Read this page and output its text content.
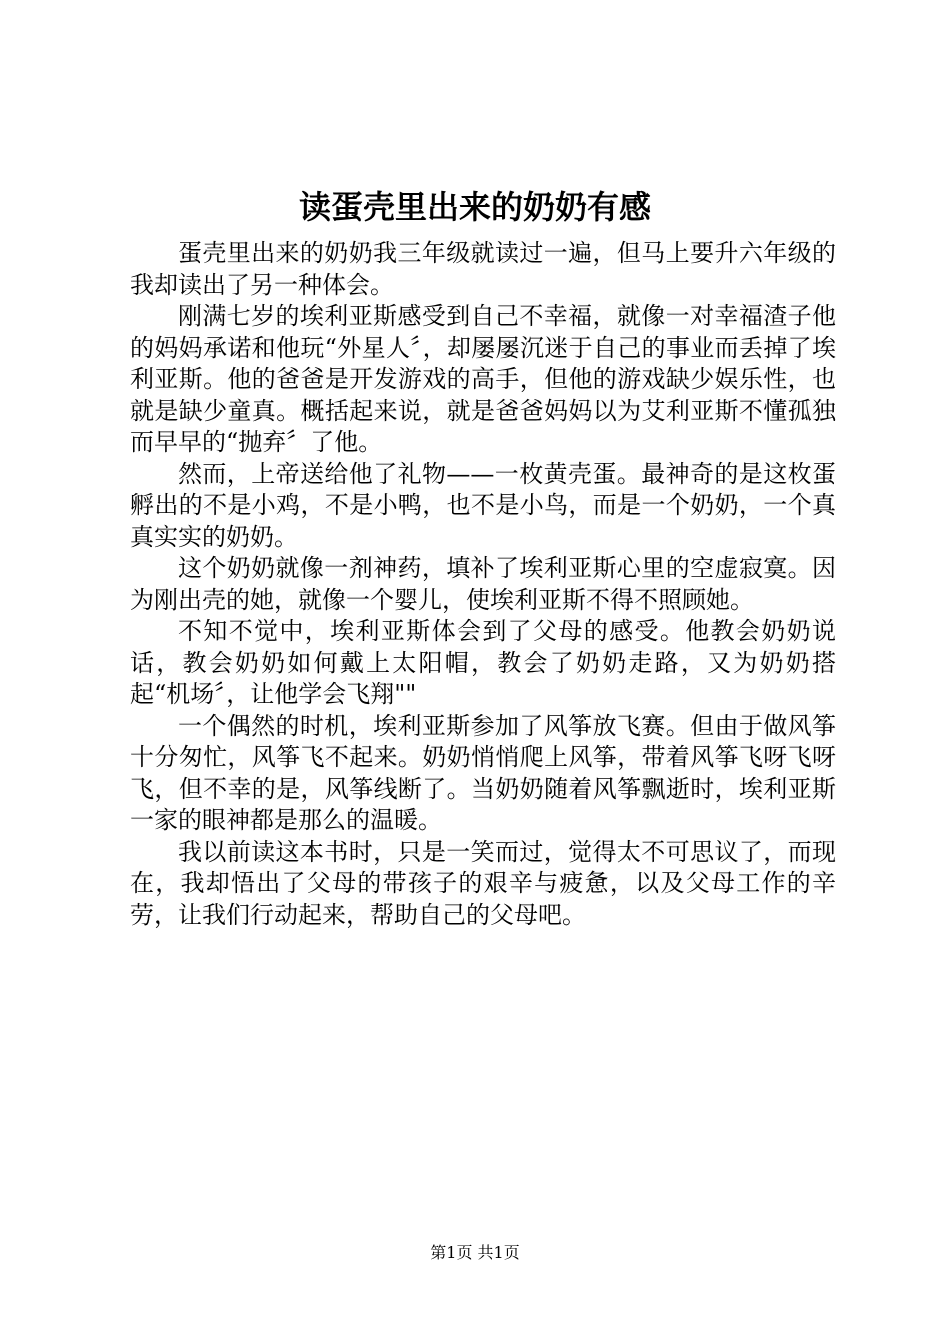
读蛋壳里出来的奶奶有感

蛋壳里出来的奶奶我三年级就读过一遍，但马上要升六年级的我却读出了另一种体会。

刚满七岁的埃利亚斯感受到自己不幸福，就像一对幸福渣子他的妈妈承诺和他玩“外星人〞，却屡屡沉迷于自己的事业而丢掉了埃利亚斯。他的爸爸是开发游戏的高手，但他的游戏缺少娱乐性，也就是缺少童真。概括起来说，就是爸爸妈妈以为艾利亚斯不懂孤独而早早的“抛弃〞了他。

然而，上帝送给他了礼物——一枚黄壳蛋。最神奇的是这枚蛋孵出的不是小鸡，不是小鸭，也不是小鸟，而是一个奶奶，一个真真实实的奶奶。

这个奶奶就像一剂神药，填补了埃利亚斯心里的空虚寂寞。因为刚出壳的她，就像一个婴儿，使埃利亚斯不得不照顾她。

不知不觉中，埃利亚斯体会到了父母的感受。他教会奶奶说话，教会奶奶如何戴上太阳帽，教会了奶奶走路，又为奶奶搭起“机场〞，让他学会飞翔""

一个偶然的时机，埃利亚斯参加了风筝放飞赛。但由于做风筝十分匆忙，风筝飞不起来。奶奶悄悄爬上风筝，带着风筝飞呀飞呀飞，但不幸的是，风筝线断了。当奶奶随着风筝飘逝时，埃利亚斯一家的眼神都是那么的温暖。

我以前读这本书时，只是一笑而过，觉得太不可思议了，而现在，我却悟出了父母的带孩子的艰辛与疲惫，以及父母工作的辛劳，让我们行动起来，帮助自己的父母吧。

第1页 共1页
